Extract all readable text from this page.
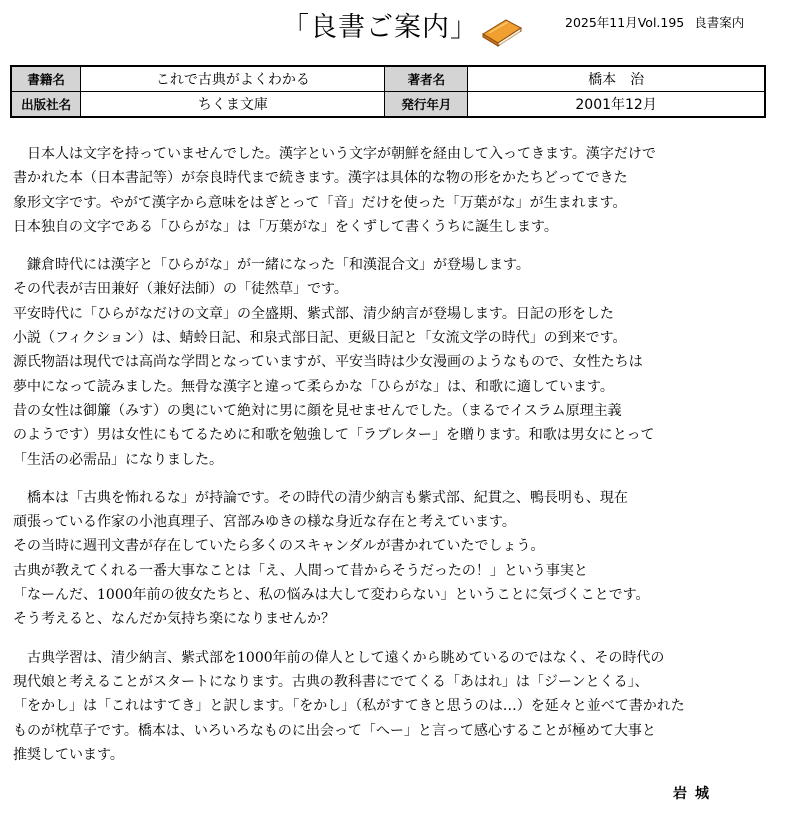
「良書ご案内」	2025年11月Vol.195 良書案内
書籍名	これで古典がよくわかる	著者名	橋本　治
出版社名	ちくま文庫	発行年月	2001年12月
　日本人は文字を持っていませんでした。漢字という文字が朝鮮を経由して入ってきます。漢字だけで
書かれた本（日本書記等）が奈良時代まで続きます。漢字は具体的な物の形をかたちどってできた
象形文字です。やがて漢字から意味をはぎとって「音」だけを使った「万葉がな」が生まれます。
日本独自の文字である「ひらがな」は「万葉がな」をくずして書くうちに誕生します。
　鎌倉時代には漢字と「ひらがな」が一緒になった「和漢混合文」が登場します。
その代表が吉田兼好（兼好法師）の「徒然草」です。
平安時代に「ひらがなだけの文章」の全盛期、紫式部、清少納言が登場します。日記の形をした
小説（フィクション）は、蜻蛉日記、和泉式部日記、更級日記と「女流文学の時代」の到来です。
源氏物語は現代では高尚な学問となっていますが、平安当時は少女漫画のようなもので、女性たちは
夢中になって読みました。無骨な漢字と違って柔らかな「ひらがな」は、和歌に適しています。
昔の女性は御簾（みす）の奥にいて絶対に男に顔を見せませんでした。（まるでイスラム原理主義
のようです）男は女性にもてるために和歌を勉強して「ラブレター」を贈ります。和歌は男女にとって
「生活の必需品」になりました。
　橋本は「古典を怖れるな」が持論です。その時代の清少納言も紫式部、紀貫之、鴨長明も、現在
頑張っている作家の小池真理子、宮部みゆきの様な身近な存在と考えています。
その当時に週刊文書が存在していたら多くのスキャンダルが書かれていたでしょう。
古典が教えてくれる一番大事なことは「え、人間って昔からそうだったの！」という事実と
「なーんだ、1000年前の彼女たちと、私の悩みは大して変わらない」ということに気づくことです。
そう考えると、なんだか気持ち楽になりませんか？
　古典学習は、清少納言、紫式部を1000年前の偉人として遠くから眺めているのではなく、その時代の
現代娘と考えることがスタートになります。古典の教科書にでてくる「あはれ」は「ジーンとくる」、
「をかし」は「これはすてき」と訳します。「をかし」（私がすてきと思うのは…）を延々と並べて書かれた
ものが枕草子です。橋本は、いろいろなものに出会って「へー」と言って感心することが極めて大事と
推奨しています。
岩城
